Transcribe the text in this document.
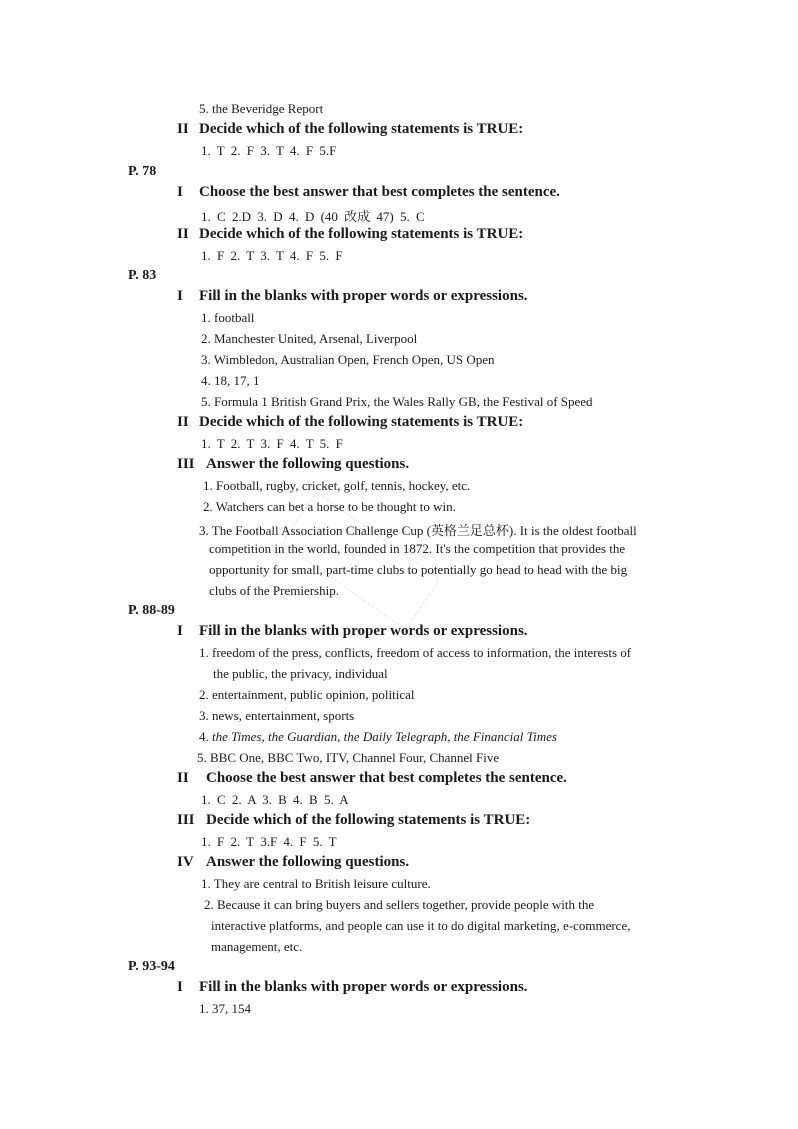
5. the Beveridge Report
II Decide which of the following statements is TRUE:
1. T 2. F 3. T 4. F 5.F
P. 78
I Choose the best answer that best completes the sentence.
1. C 2.D 3. D 4. D (40 改成 47) 5. C
II Decide which of the following statements is TRUE:
1. F 2. T 3. T 4. F 5. F
P. 83
I Fill in the blanks with proper words or expressions.
1. football
2. Manchester United, Arsenal, Liverpool
3. Wimbledon, Australian Open, French Open, US Open
4. 18, 17, 1
5. Formula 1 British Grand Prix, the Wales Rally GB, the Festival of Speed
II Decide which of the following statements is TRUE:
1. T 2. T 3. F 4. T 5. F
III Answer the following questions.
1. Football, rugby, cricket, golf, tennis, hockey, etc.
2. Watchers can bet a horse to be thought to win.
3. The Football Association Challenge Cup (英格兰足总杯). It is the oldest football
competition in the world, founded in 1872. It's the competition that provides the
opportunity for small, part-time clubs to potentially go head to head with the big
clubs of the Premiership.
P. 88-89
I Fill in the blanks with proper words or expressions.
1. freedom of the press, conflicts, freedom of access to information, the interests of
the public, the privacy, individual
2. entertainment, public opinion, political
3. news, entertainment, sports
4. the Times, the Guardian, the Daily Telegraph, the Financial Times
5. BBC One, BBC Two, ITV, Channel Four, Channel Five
II Choose the best answer that best completes the sentence.
1. C 2. A 3. B 4. B 5. A
III Decide which of the following statements is TRUE:
1. F 2. T 3.F 4. F 5. T
IV Answer the following questions.
1. They are central to British leisure culture.
2. Because it can bring buyers and sellers together, provide people with the
interactive platforms, and people can use it to do digital marketing, e-commerce,
management, etc.
P. 93-94
I Fill in the blanks with proper words or expressions.
1. 37, 154
